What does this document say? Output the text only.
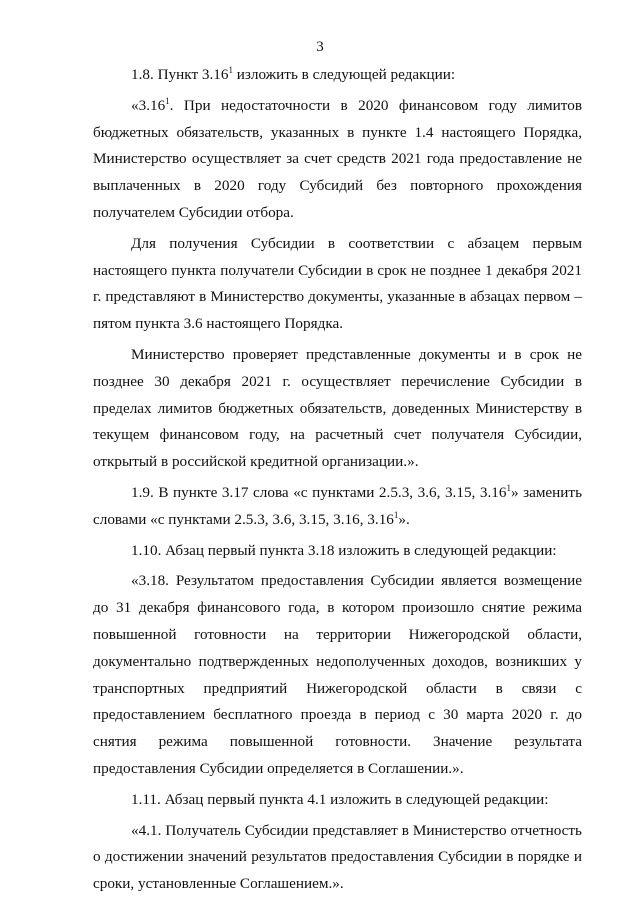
3

1.8. Пункт 3.16$^1$ изложить в следующей редакции:

«3.16$^1$. При недостаточности в 2020 финансовом году лимитов бюджетных обязательств, указанных в пункте 1.4 настоящего Порядка, Министерство осуществляет за счет средств 2021 года предоставление не выплаченных в 2020 году Субсидий без повторного прохождения получателем Субсидии отбора.

Для получения Субсидии в соответствии с абзацем первым настоящего пункта получатели Субсидии в срок не позднее 1 декабря 2021 г. представляют в Министерство документы, указанные в абзацах первом – пятом пункта 3.6 настоящего Порядка.

Министерство проверяет представленные документы и в срок не позднее 30 декабря 2021 г. осуществляет перечисление Субсидии в пределах лимитов бюджетных обязательств, доведенных Министерству в текущем финансовом году, на расчетный счет получателя Субсидии, открытый в российской кредитной организации.».

1.9. В пункте 3.17 слова «с пунктами 2.5.3, 3.6, 3.15, 3.16$^1$» заменить словами «с пунктами 2.5.3, 3.6, 3.15, 3.16, 3.16$^1$».

1.10. Абзац первый пункта 3.18 изложить в следующей редакции:

«3.18. Результатом предоставления Субсидии является возмещение до 31 декабря финансового года, в котором произошло снятие режима повышенной готовности на территории Нижегородской области, документально подтвержденных недополученных доходов, возникших у транспортных предприятий Нижегородской области в связи с предоставлением бесплатного проезда в период с 30 марта 2020 г. до снятия режима повышенной готовности. Значение результата предоставления Субсидии определяется в Соглашении.».

1.11. Абзац первый пункта 4.1 изложить в следующей редакции:

«4.1. Получатель Субсидии представляет в Министерство отчетность о достижении значений результатов предоставления Субсидии в порядке и сроки, установленные Соглашением.».
